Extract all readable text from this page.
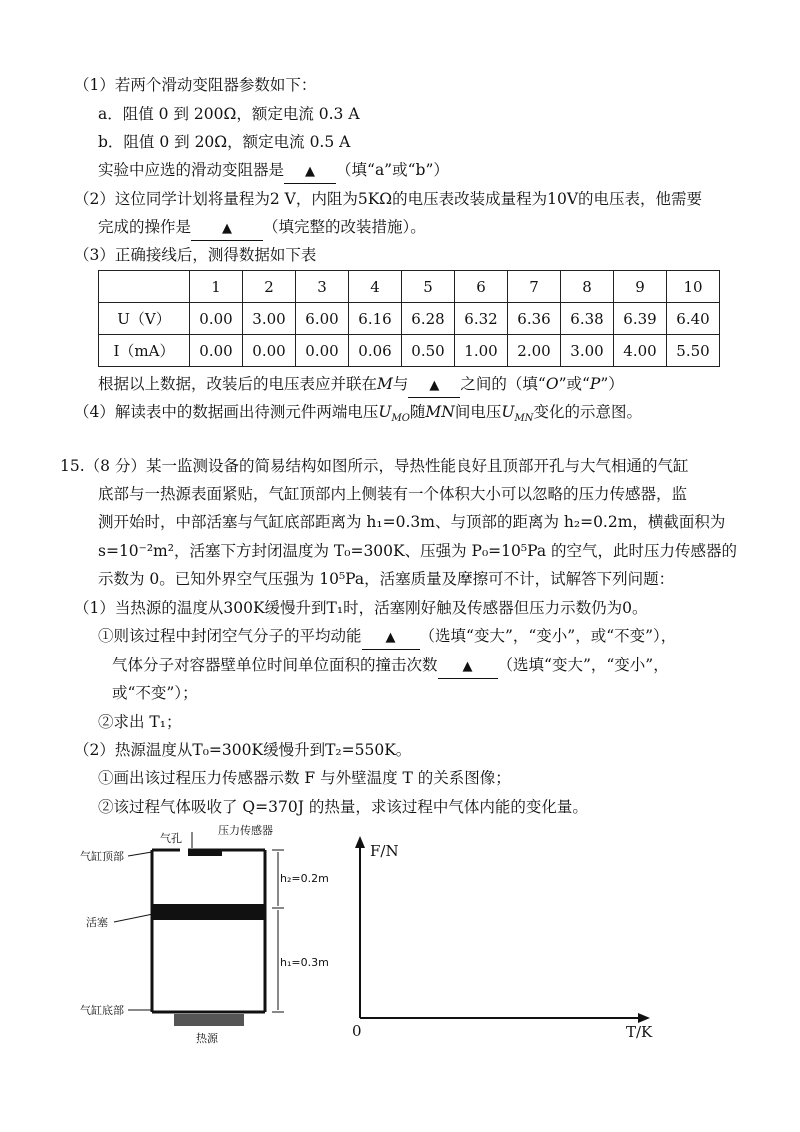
（1）若两个滑动变阻器参数如下：
a．阻值 0 到 200Ω，额定电流 0.3 A
b．阻值 0 到 20Ω，额定电流 0.5 A
实验中应选的滑动变阻器是 ▲ （填“a”或“b”）
（2）这位同学计划将量程为2 V，内阻为5KΩ的电压表改装成量程为10V的电压表，他需要
完成的操作是 ▲ （填完整的改装措施）。
（3）正确接线后，测得数据如下表
	1	2	3	4	5	6	7	8	9	10
U（V）	0.00	3.00	6.00	6.16	6.28	6.32	6.36	6.38	6.39	6.40
I（mA）	0.00	0.00	0.00	0.06	0.50	1.00	2.00	3.00	4.00	5.50
根据以上数据，改装后的电压表应并联在M与 ▲ 之间的（填“O”或“P”）
（4）解读表中的数据画出待测元件两端电压$U_{MO}$随MN间电压$U_{MN}$变化的示意图。
15.（8 分）某一监测设备的简易结构如图所示，导热性能良好且顶部开孔与大气相通的气缸
底部与一热源表面紧贴，气缸顶部内上侧装有一个体积大小可以忽略的压力传感器，监
测开始时，中部活塞与气缸底部距离为 h₁=0.3m、与顶部的距离为 h₂=0.2m，横截面积为
s=10⁻²m²，活塞下方封闭温度为 T₀=300K、压强为 P₀=10⁵Pa 的空气，此时压力传感器的
示数为 0。已知外界空气压强为 10⁵Pa，活塞质量及摩擦可不计，试解答下列问题：
（1）当热源的温度从300K缓慢升到T₁时，活塞刚好触及传感器但压力示数仍为0。
①则该过程中封闭空气分子的平均动能 ▲ （选填“变大”，“变小”，或“不变”），
气体分子对容器壁单位时间单位面积的撞击次数 ▲ （选填“变大”，“变小”，
或“不变”）；
②求出 T₁；
（2）热源温度从T₀=300K缓慢升到T₂=550K。
①画出该过程压力传感器示数 F 与外壁温度 T 的关系图像；
②该过程气体吸收了 Q=370J 的热量，求该过程中气体内能的变化量。
气孔
压力传感器
气缸顶部
活塞
气缸底部
热源
h₂=0.2m
h₁=0.3m
F/N
T/K
0
